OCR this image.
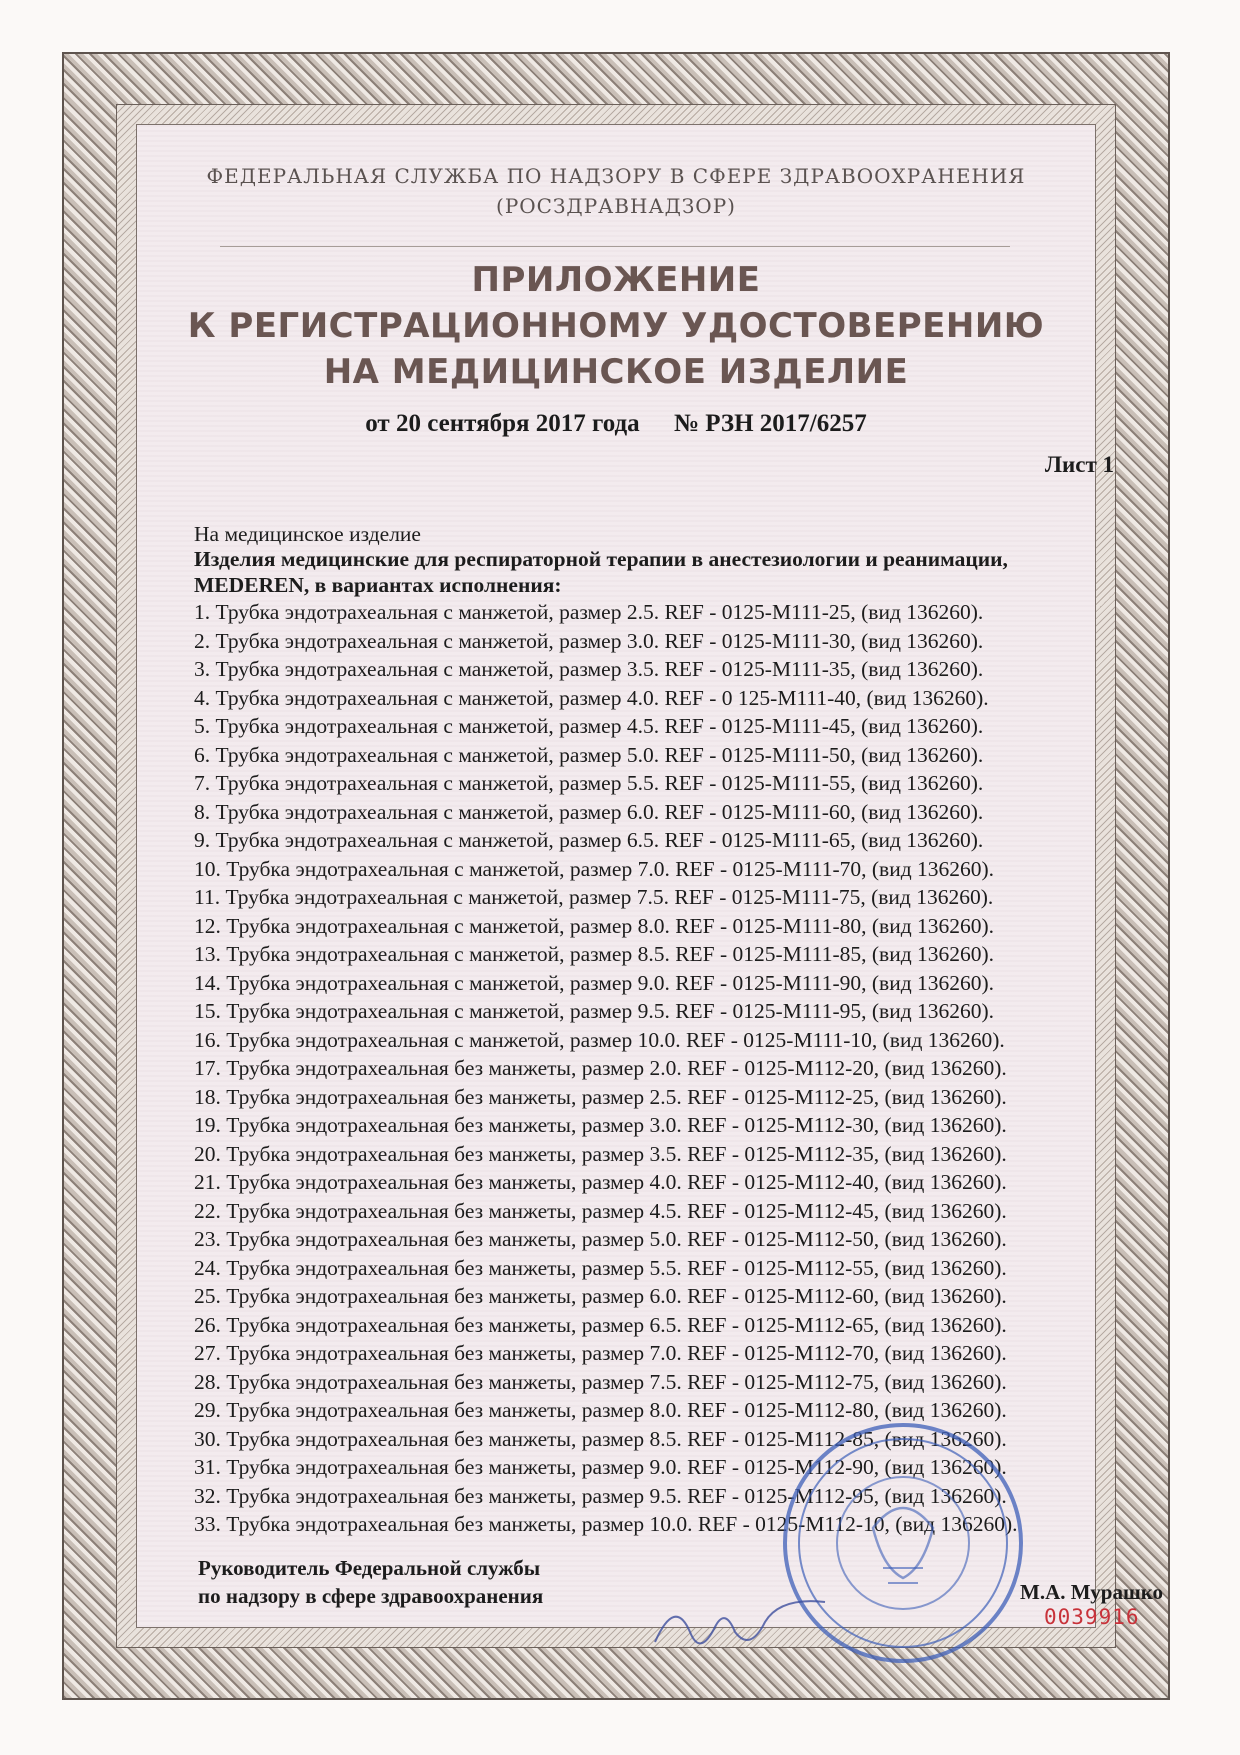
ФЕДЕРАЛЬНАЯ СЛУЖБА ПО НАДЗОРУ В СФЕРЕ ЗДРАВООХРАНЕНИЯ
(РОСЗДРАВНАДЗОР)
ПРИЛОЖЕНИЕ
К РЕГИСТРАЦИОННОМУ УДОСТОВЕРЕНИЮ
НА МЕДИЦИНСКОЕ ИЗДЕЛИЕ
от 20 сентября 2017 года № РЗН 2017/6257
Лист 1
На медицинское изделие
Изделия медицинские для респираторной терапии в анестезиологии и реанимации,
MEDEREN, в вариантах исполнения:
1. Трубка эндотрахеальная с манжетой, размер 2.5. REF - 0125-M111-25, (вид 136260).
2. Трубка эндотрахеальная с манжетой, размер 3.0. REF - 0125-M111-30, (вид 136260).
3. Трубка эндотрахеальная с манжетой, размер 3.5. REF - 0125-M111-35, (вид 136260).
4. Трубка эндотрахеальная с манжетой, размер 4.0. REF - 0 125-M111-40, (вид 136260).
5. Трубка эндотрахеальная с манжетой, размер 4.5. REF - 0125-M111-45, (вид 136260).
6. Трубка эндотрахеальная с манжетой, размер 5.0. REF - 0125-M111-50, (вид 136260).
7. Трубка эндотрахеальная с манжетой, размер 5.5. REF - 0125-M111-55, (вид 136260).
8. Трубка эндотрахеальная с манжетой, размер 6.0. REF - 0125-M111-60, (вид 136260).
9. Трубка эндотрахеальная с манжетой, размер 6.5. REF - 0125-M111-65, (вид 136260).
10. Трубка эндотрахеальная с манжетой, размер 7.0. REF - 0125-M111-70, (вид 136260).
11. Трубка эндотрахеальная с манжетой, размер 7.5. REF - 0125-M111-75, (вид 136260).
12. Трубка эндотрахеальная с манжетой, размер 8.0. REF - 0125-M111-80, (вид 136260).
13. Трубка эндотрахеальная с манжетой, размер 8.5. REF - 0125-M111-85, (вид 136260).
14. Трубка эндотрахеальная с манжетой, размер 9.0. REF - 0125-M111-90, (вид 136260).
15. Трубка эндотрахеальная с манжетой, размер 9.5. REF - 0125-M111-95, (вид 136260).
16. Трубка эндотрахеальная с манжетой, размер 10.0. REF - 0125-M111-10, (вид 136260).
17. Трубка эндотрахеальная без манжеты, размер 2.0. REF - 0125-M112-20, (вид 136260).
18. Трубка эндотрахеальная без манжеты, размер 2.5. REF - 0125-M112-25, (вид 136260).
19. Трубка эндотрахеальная без манжеты, размер 3.0. REF - 0125-M112-30, (вид 136260).
20. Трубка эндотрахеальная без манжеты, размер 3.5. REF - 0125-M112-35, (вид 136260).
21. Трубка эндотрахеальная без манжеты, размер 4.0. REF - 0125-M112-40, (вид 136260).
22. Трубка эндотрахеальная без манжеты, размер 4.5. REF - 0125-M112-45, (вид 136260).
23. Трубка эндотрахеальная без манжеты, размер 5.0. REF - 0125-M112-50, (вид 136260).
24. Трубка эндотрахеальная без манжеты, размер 5.5. REF - 0125-M112-55, (вид 136260).
25. Трубка эндотрахеальная без манжеты, размер 6.0. REF - 0125-M112-60, (вид 136260).
26. Трубка эндотрахеальная без манжеты, размер 6.5. REF - 0125-M112-65, (вид 136260).
27. Трубка эндотрахеальная без манжеты, размер 7.0. REF - 0125-M112-70, (вид 136260).
28. Трубка эндотрахеальная без манжеты, размер 7.5. REF - 0125-M112-75, (вид 136260).
29. Трубка эндотрахеальная без манжеты, размер 8.0. REF - 0125-M112-80, (вид 136260).
30. Трубка эндотрахеальная без манжеты, размер 8.5. REF - 0125-M112-85, (вид 136260).
31. Трубка эндотрахеальная без манжеты, размер 9.0. REF - 0125-M112-90, (вид 136260).
32. Трубка эндотрахеальная без манжеты, размер 9.5. REF - 0125-M112-95, (вид 136260).
33. Трубка эндотрахеальная без манжеты, размер 10.0. REF - 0125-M112-10, (вид 136260).
Руководитель Федеральной службы
по надзору в сфере здравоохранения	М.А. Мурашко
0039916
